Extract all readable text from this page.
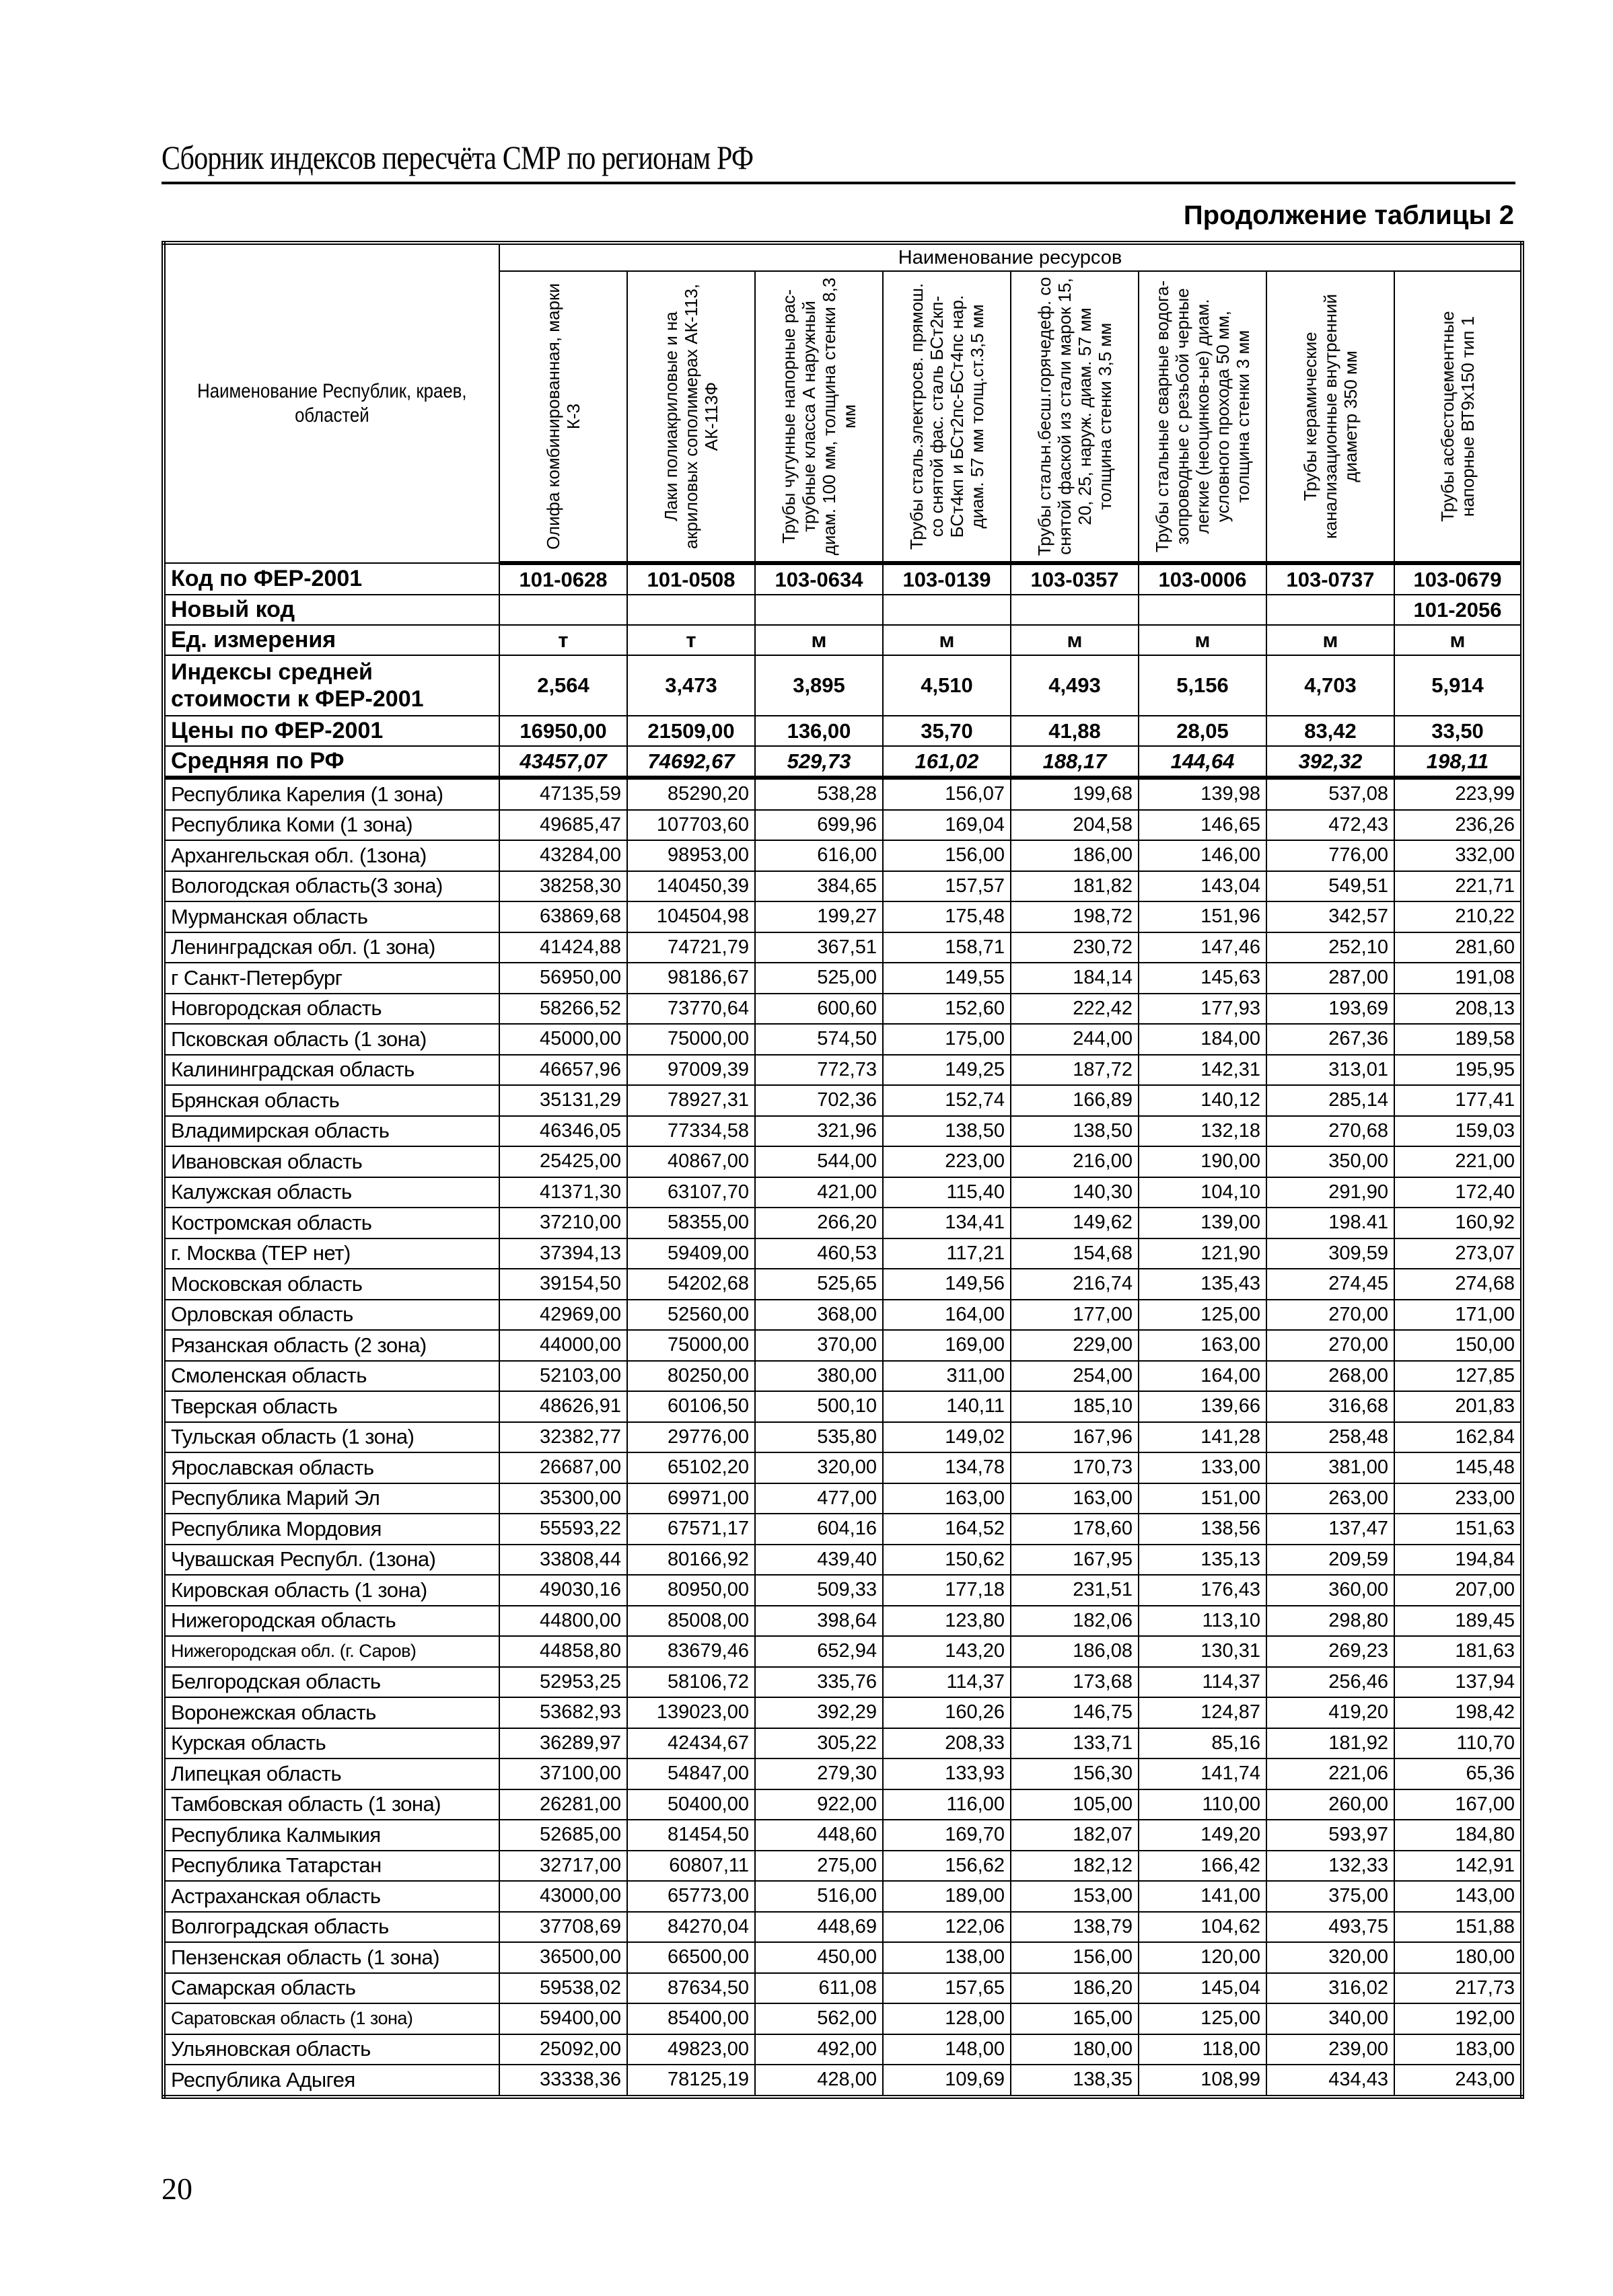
Сборник индексов пересчёта СМР по регионам РФ
Продолжение таблицы 2
Наименование Республик, краев, областей	Наименование ресурсов							

	Олифа комбинированная, марки К-3	Лаки полиакриловые и на акриловых сополимерах АК-113, АК-113Ф	Трубы чугунные напорные рас-трубные класса А наружный диам. 100 мм, толщина стенки 8,3 мм	Трубы сталь.электросв. прямош. со снятой фас. сталь БСт2кп-БСт4кп и БСт2пс-БСт4пс нар. диам. 57 мм толщ.ст.3,5 мм	Трубы стальн.бесш.горячедеф. со снятой фаской из стали марок 15, 20, 25, наруж. диам. 57 мм толщина стенки 3,5 мм	Трубы стальные сварные водога-зопроводные с резьбой черные легкие (неоцинков-ые) диам. условного прохода 50 мм, толщина стенки 3 мм	Трубы керамические канализационные внутренний диаметр 350 мм	Трубы асбестоцементные напорные ВТ9х150 тип 1

Код по ФЕР-2001	101-0628	101-0508	103-0634	103-0139	103-0357	103-0006	103-0737	103-0679
Новый код								101-2056
Ед. измерения	т	т	м	м	м	м	м	м
Индексы средней стоимости к ФЕР-2001	2,564	3,473	3,895	4,510	4,493	5,156	4,703	5,914
Цены по ФЕР-2001	16950,00	21509,00	136,00	35,70	41,88	28,05	83,42	33,50
Средняя по РФ	43457,07	74692,67	529,73	161,02	188,17	144,64	392,32	198,11
Республика Карелия (1 зона)	47135,59	85290,20	538,28	156,07	199,68	139,98	537,08	223,99
Республика Коми (1 зона)	49685,47	107703,60	699,96	169,04	204,58	146,65	472,43	236,26
Архангельская обл. (1зона)	43284,00	98953,00	616,00	156,00	186,00	146,00	776,00	332,00
Вологодская область(3 зона)	38258,30	140450,39	384,65	157,57	181,82	143,04	549,51	221,71
Мурманская область	63869,68	104504,98	199,27	175,48	198,72	151,96	342,57	210,22
Ленинградская обл. (1 зона)	41424,88	74721,79	367,51	158,71	230,72	147,46	252,10	281,60
г Санкт-Петербург	56950,00	98186,67	525,00	149,55	184,14	145,63	287,00	191,08
Новгородская область	58266,52	73770,64	600,60	152,60	222,42	177,93	193,69	208,13
Псковская область (1 зона)	45000,00	75000,00	574,50	175,00	244,00	184,00	267,36	189,58
Калининградская область	46657,96	97009,39	772,73	149,25	187,72	142,31	313,01	195,95
Брянская область	35131,29	78927,31	702,36	152,74	166,89	140,12	285,14	177,41
Владимирская область	46346,05	77334,58	321,96	138,50	138,50	132,18	270,68	159,03
Ивановская область	25425,00	40867,00	544,00	223,00	216,00	190,00	350,00	221,00
Калужская область	41371,30	63107,70	421,00	115,40	140,30	104,10	291,90	172,40
Костромская область	37210,00	58355,00	266,20	134,41	149,62	139,00	198.41	160,92
г. Москва (ТЕР нет)	37394,13	59409,00	460,53	117,21	154,68	121,90	309,59	273,07
Московская область	39154,50	54202,68	525,65	149,56	216,74	135,43	274,45	274,68
Орловская область	42969,00	52560,00	368,00	164,00	177,00	125,00	270,00	171,00
Рязанская область (2 зона)	44000,00	75000,00	370,00	169,00	229,00	163,00	270,00	150,00
Смоленская область	52103,00	80250,00	380,00	311,00	254,00	164,00	268,00	127,85
Тверская область	48626,91	60106,50	500,10	140,11	185,10	139,66	316,68	201,83
Тульская область (1 зона)	32382,77	29776,00	535,80	149,02	167,96	141,28	258,48	162,84
Ярославская область	26687,00	65102,20	320,00	134,78	170,73	133,00	381,00	145,48
Республика Марий Эл	35300,00	69971,00	477,00	163,00	163,00	151,00	263,00	233,00
Республика Мордовия	55593,22	67571,17	604,16	164,52	178,60	138,56	137,47	151,63
Чувашская Республ. (1зона)	33808,44	80166,92	439,40	150,62	167,95	135,13	209,59	194,84
Кировская область (1 зона)	49030,16	80950,00	509,33	177,18	231,51	176,43	360,00	207,00
Нижегородская область	44800,00	85008,00	398,64	123,80	182,06	113,10	298,80	189,45
Нижегородская обл. (г. Саров)	44858,80	83679,46	652,94	143,20	186,08	130,31	269,23	181,63
Белгородская область	52953,25	58106,72	335,76	114,37	173,68	114,37	256,46	137,94
Воронежская область	53682,93	139023,00	392,29	160,26	146,75	124,87	419,20	198,42
Курская область	36289,97	42434,67	305,22	208,33	133,71	85,16	181,92	110,70
Липецкая область	37100,00	54847,00	279,30	133,93	156,30	141,74	221,06	65,36
Тамбовская область (1 зона)	26281,00	50400,00	922,00	116,00	105,00	110,00	260,00	167,00
Республика Калмыкия	52685,00	81454,50	448,60	169,70	182,07	149,20	593,97	184,80
Республика Татарстан	32717,00	60807,11	275,00	156,62	182,12	166,42	132,33	142,91
Астраханская область	43000,00	65773,00	516,00	189,00	153,00	141,00	375,00	143,00
Волгоградская область	37708,69	84270,04	448,69	122,06	138,79	104,62	493,75	151,88
Пензенская область (1 зона)	36500,00	66500,00	450,00	138,00	156,00	120,00	320,00	180,00
Самарская область	59538,02	87634,50	611,08	157,65	186,20	145,04	316,02	217,73
Саратовская область (1 зона)	59400,00	85400,00	562,00	128,00	165,00	125,00	340,00	192,00
Ульяновская область	25092,00	49823,00	492,00	148,00	180,00	118,00	239,00	183,00
Республика Адыгея	33338,36	78125,19	428,00	109,69	138,35	108,99	434,43	243,00
20
